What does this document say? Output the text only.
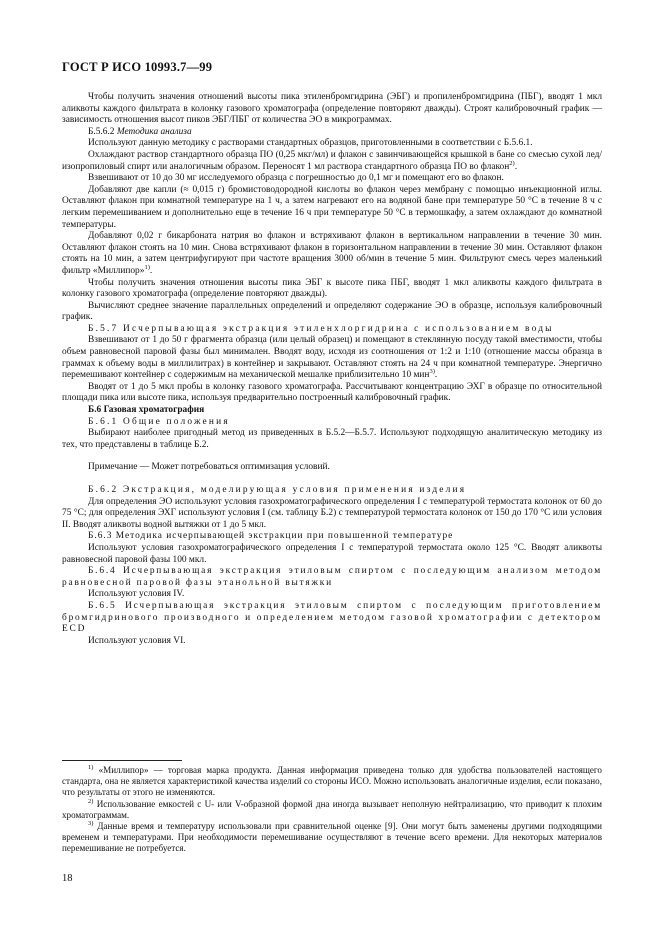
ГОСТ Р ИСО 10993.7—99

Чтобы получить значения отношений высоты пика этиленбромгидрина (ЭБГ) и пропиленбромгидрина (ПБГ), вводят 1 мкл аликвоты каждого фильтрата в колонку газового хроматографа (определение повторяют дважды). Строят калибровочный график — зависимость отношения высот пиков ЭБГ/ПБГ от количества ЭО в микрограммах.

Б.5.6.2 Методика анализа

Используют данную методику с растворами стандартных образцов, приготовленными в соответствии с Б.5.6.1.

Охлаждают раствор стандартного образца ПО (0,25 мкг/мл) и флакон с завинчивающейся крышкой в бане со смесью сухой лед/изопропиловый спирт или аналогичным образом. Переносят 1 мл раствора стандартного образца ПО во флакон$^{2)}$.

Взвешивают от 10 до 30 мг исследуемого образца с погрешностью до 0,1 мг и помещают его во флакон.

Добавляют две капли (≈ 0,015 г) бромистоводородной кислоты во флакон через мембрану с помощью инъекционной иглы. Оставляют флакон при комнатной температуре на 1 ч, а затем нагревают его на водяной бане при температуре 50 °С в течение 8 ч с легким перемешиванием и дополнительно еще в течение 16 ч при температуре 50 °С в термошкафу, а затем охлаждают до комнатной температуры.

Добавляют 0,02 г бикарбоната натрия во флакон и встряхивают флакон в вертикальном направлении в течение 30 мин. Оставляют флакон стоять на 10 мин. Снова встряхивают флакон в горизонтальном направлении в течение 30 мин. Оставляют флакон стоять на 10 мин, а затем центрифугируют при частоте вращения 3000 об/мин в течение 5 мин. Фильтруют смесь через маленький фильтр «Миллипор»$^{1)}$.

Чтобы получить значения отношения высоты пика ЭБГ к высоте пика ПБГ, вводят 1 мкл аликвоты каждого фильтрата в колонку газового хроматографа (определение повторяют дважды).

Вычисляют среднее значение параллельных определений и определяют содержание ЭО в образце, используя калибровочный график.

Б.5.7 Исчерпывающая экстракция этиленхлоргидрина с использованием воды

Взвешивают от 1 до 50 г фрагмента образца (или целый образец) и помещают в стеклянную посуду такой вместимости, чтобы объем равновесной паровой фазы был минимален. Вводят воду, исходя из соотношения от 1:2 и 1:10 (отношение массы образца в граммах к объему воды в миллилитрах) в контейнер и закрывают. Оставляют стоять на 24 ч при комнатной температуре. Энергично перемешивают контейнер с содержимым на механической мешалке приблизительно 10 мин$^{3)}$.

Вводят от 1 до 5 мкл пробы в колонку газового хроматографа. Рассчитывают концентрацию ЭХГ в образце по относительной площади пика или высоте пика, используя предварительно построенный калибровочный график.

Б.6 Газовая хроматография

Б.6.1 Общие положения

Выбирают наиболее пригодный метод из приведенных в Б.5.2—Б.5.7. Используют подходящую аналитическую методику из тех, что представлены в таблице Б.2.

Примечание — Может потребоваться оптимизация условий.

Б.6.2 Экстракция, моделирующая условия применения изделия

Для определения ЭО используют условия газохроматографического определения I с температурой термостата колонок от 60 до 75 °С; для определения ЭХГ используют условия I (см. таблицу Б.2) с температурой термостата колонок от 150 до 170 °С или условия II. Вводят аликвоты водной вытяжки от 1 до 5 мкл.

Б.6.3 Методика исчерпывающей экстракции при повышенной температуре

Используют условия газохроматографического определения I с температурой термостата около 125 °С. Вводят аликвоты равновесной паровой фазы 100 мкл.

Б.6.4 Исчерпывающая экстракция этиловым спиртом с последующим анализом методом равновесной паровой фазы этанольной вытяжки

Используют условия IV.

Б.6.5 Исчерпывающая экстракция этиловым спиртом с последующим приготовлением бромгидринового производного и определением методом газовой хроматографии с детектором ECD

Используют условия VI.

$^{1)}$ «Миллипор» — торговая марка продукта. Данная информация приведена только для удобства пользователей настоящего стандарта, она не является характеристикой качества изделий со стороны ИСО. Можно использовать аналогичные изделия, если показано, что результаты от этого не изменяются.

$^{2)}$ Использование емкостей с U- или V-образной формой дна иногда вызывает неполную нейтрализацию, что приводит к плохим хроматограммам.

$^{3)}$ Данные время и температуру использовали при сравнительной оценке [9]. Они могут быть заменены другими подходящими временем и температурами. При необходимости перемешивание осуществляют в течение всего времени. Для некоторых материалов перемешивание не потребуется.

18
